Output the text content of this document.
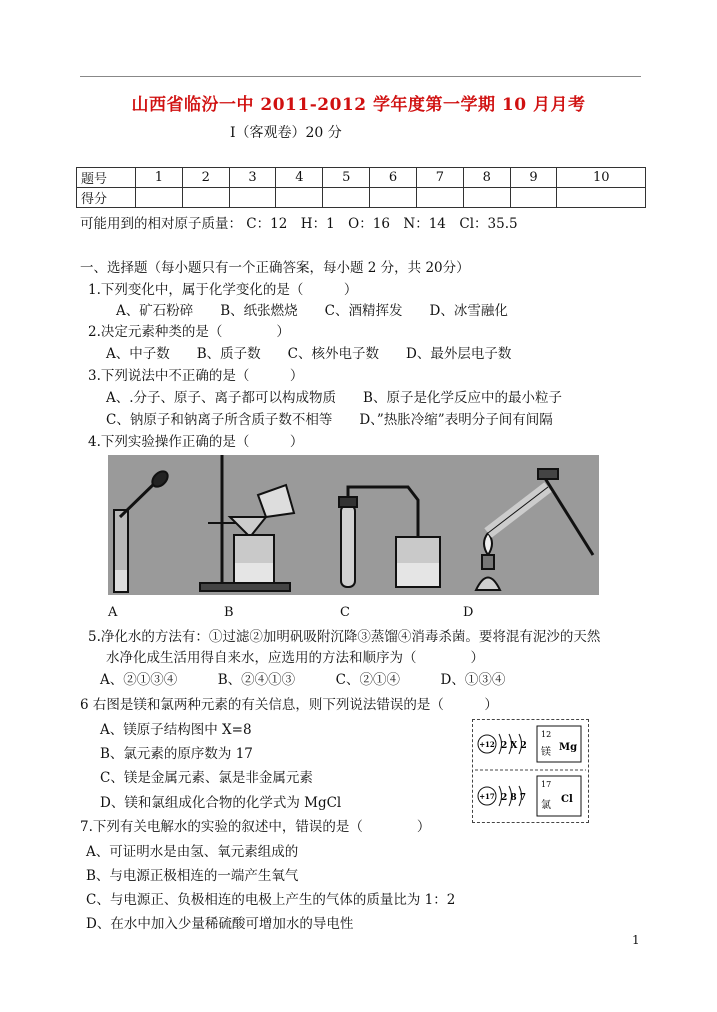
山西省临汾一中 2011-2012 学年度第一学期 10 月月考
Ⅰ（客观卷）20 分
题号	1	2	3	4	5	6	7	8	9	10
得分										
可能用到的相对原子质量： C：12　H：1　O：16　N：14　Cl：35.5
一、选择题（每小题只有一个正确答案，每小题 2 分，共 20分）
1.下列变化中，属于化学变化的是（　　　）
A、矿石粉碎　　B、纸张燃烧　　C、酒精挥发　　D、冰雪融化
2.决定元素种类的是（　　　　）
A、中子数　　B、质子数　　C、核外电子数　　D、最外层电子数
3.下列说法中不正确的是（　　　）
A、.分子、原子、离子都可以构成物质　　B、原子是化学反应中的最小粒子
C、钠原子和钠离子所含质子数不相等　　D、”热胀冷缩”表明分子间有间隔
4.下列实验操作正确的是（　　　）
A	B	C	D
5.净化水的方法有：①过滤②加明矾吸附沉降③蒸馏④消毒杀菌。要将混有泥沙的天然
水净化成生活用得自来水，应选用的方法和顺序为（　　　　）
A、②①③④　　　B、②④①③　　　C、②①④　　　D、①③④
6 右图是镁和氯两种元素的有关信息，则下列说法错误的是（　　　）
A、镁原子结构图中 X=8
B、氯元素的原序数为 17
C、镁是金属元素、氯是非金属元素
D、镁和氯组成化合物的化学式为 MgCl
+12 2 X 2
12
镁 Mg
+17 2 8 7
17
氯
Cl
7.下列有关电解水的实验的叙述中，错误的是（　　　　）
A、可证明水是由氢、氧元素组成的
B、与电源正极相连的一端产生氧气
C、与电源正、负极相连的电极上产生的气体的质量比为 1：2
D、在水中加入少量稀硫酸可增加水的导电性
1
